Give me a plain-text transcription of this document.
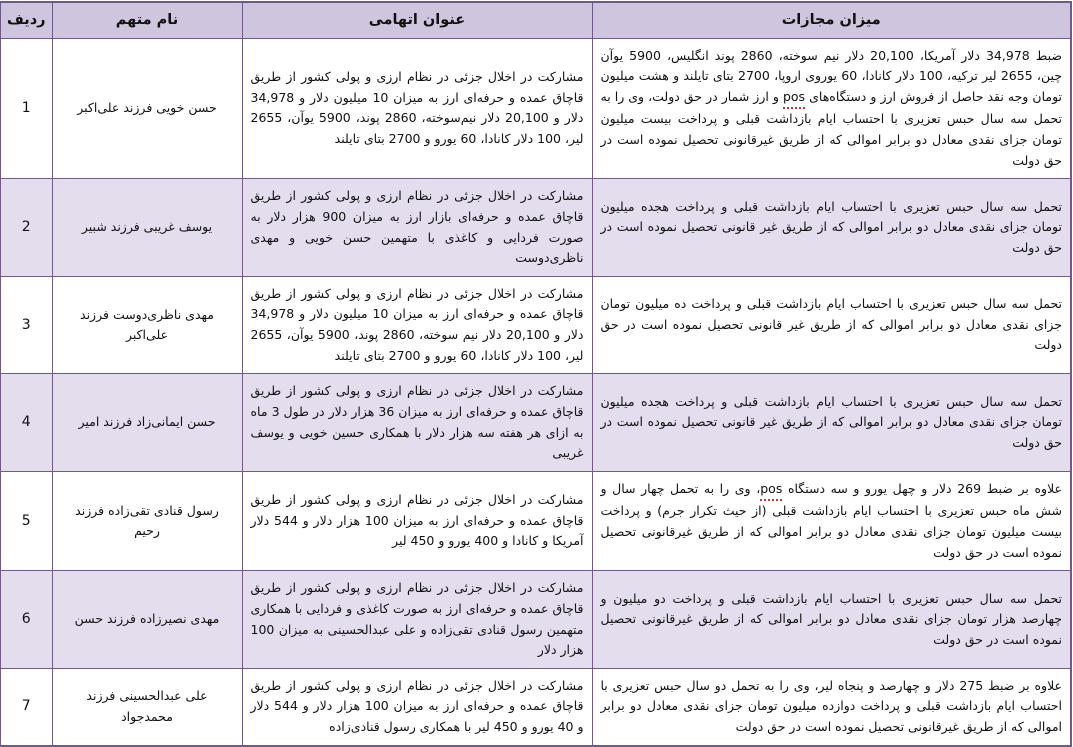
میزان مجازات	عنوان اتهامی	نام متهم	ردیف
ضبط 34,978 دلار آمریکا، 20,100 دلار نیم سوخته، 2860 پوند انگلیس، 5900 یوآن چین، 2655 لیر ترکیه، 100 دلار کانادا، 60 یوروی اروپا، 2700 بتای تایلند و هشت میلیون تومان وجه نقد حاصل از فروش ارز و دستگاه‌های pos و ارز شمار در حق دولت، وی را به تحمل سه سال حبس تعزیری با احتساب ایام بازداشت قبلی و پرداخت بیست میلیون تومان جزای نقدی معادل دو برابر اموالی که از طریق غیرقانونی تحصیل نموده است در حق دولت	مشارکت در اخلال جزئی در نظام ارزی و پولی کشور از طریق قاچاق عمده و حرفه‌ای ارز به میزان 10 میلیون دلار و 34,978 دلار و 20,100 دلار نیم‌سوخته، 2860 پوند، 5900 یوآن، 2655 لیر، 100 دلار کانادا، 60 یورو و 2700 بتای تایلند	حسن خویی فرزند علی‌اکبر	1
تحمل سه سال حبس تعزیری با احتساب ایام بازداشت قبلی و پرداخت هجده میلیون تومان جزای نقدی معادل دو برابر اموالی که از طریق غیر قانونی تحصیل نموده است در حق دولت	مشارکت در اخلال جزئی در نظام ارزی و پولی کشور از طریق قاچاق عمده و حرفه‌ای بازار ارز به میزان 900 هزار دلار به صورت فردایی و کاغذی با متهمین حسن خویی و مهدی ناظری‌دوست	یوسف غریبی فرزند شبیر	2
تحمل سه سال حبس تعزیری با احتساب ایام بازداشت قبلی و پرداخت ده میلیون تومان جزای نقدی معادل دو برابر اموالی که از طریق غیر قانونی تحصیل نموده است در حق دولت	مشارکت در اخلال جزئی در نظام ارزی و پولی کشور از طریق قاچاق عمده و حرفه‌ای ارز به میزان 10 میلیون دلار و 34,978 دلار و 20,100 دلار نیم سوخته، 2860 پوند، 5900 یوآن، 2655 لیر، 100 دلار کانادا، 60 یورو و 2700 بتای تایلند	مهدی ناظری‌دوست فرزند علی‌اکبر	3
تحمل سه سال حبس تعزیری با احتساب ایام بازداشت قبلی و پرداخت هجده میلیون تومان جزای نقدی معادل دو برابر اموالی که از طریق غیر قانونی تحصیل نموده است در حق دولت	مشارکت در اخلال جزئی در نظام ارزی و پولی کشور از طریق قاچاق عمده و حرفه‌ای ارز به میزان 36 هزار دلار در طول 3 ماه به ازای هر هفته سه هزار دلار با همکاری حسین خویی و یوسف غریبی	حسن ایمانی‌زاد فرزند امیر	4
علاوه بر ضبط 269 دلار و چهل یورو و سه دستگاه pos، وی را به تحمل چهار سال و شش ماه حبس تعزیری با احتساب ایام بازداشت قبلی (از حیث تکرار جرم) و پرداخت بیست میلیون تومان جزای نقدی معادل دو برابر اموالی که از طریق غیرقانونی تحصیل نموده است در حق دولت	مشارکت در اخلال جزئی در نظام ارزی و پولی کشور از طریق قاچاق عمده و حرفه‌ای ارز به میزان 100 هزار دلار و 544 دلار آمریکا و کانادا و 400 یورو و 450 لیر	رسول قنادی تقی‌زاده فرزند رحیم	5
تحمل سه سال حبس تعزیری با احتساب ایام بازداشت قبلی و پرداخت دو میلیون و چهارصد هزار تومان جزای نقدی معادل دو برابر اموالی که از طریق غیرقانونی تحصیل نموده است در حق دولت	مشارکت در اخلال جزئی در نظام ارزی و پولی کشور از طریق قاچاق عمده و حرفه‌ای ارز به صورت کاغذی و فردایی با همکاری متهمین رسول قنادی تقی‌زاده و علی عبدالحسینی به میزان 100 هزار دلار	مهدی نصیرزاده فرزند حسن	6
علاوه بر ضبط 275 دلار و چهارصد و پنجاه لیر، وی را به تحمل دو سال حبس تعزیری با احتساب ایام بازداشت قبلی و پرداخت دوازده میلیون تومان جزای نقدی معادل دو برابر اموالی که از طریق غیرقانونی تحصیل نموده است در حق دولت	مشارکت در اخلال جزئی در نظام ارزی و پولی کشور از طریق قاچاق عمده و حرفه‌ای ارز به میزان 100 هزار دلار و 544 دلار و 40 یورو و 450 لیر با همکاری رسول قنادی‌زاده	علی عبدالحسینی فرزند محمدجواد	7
